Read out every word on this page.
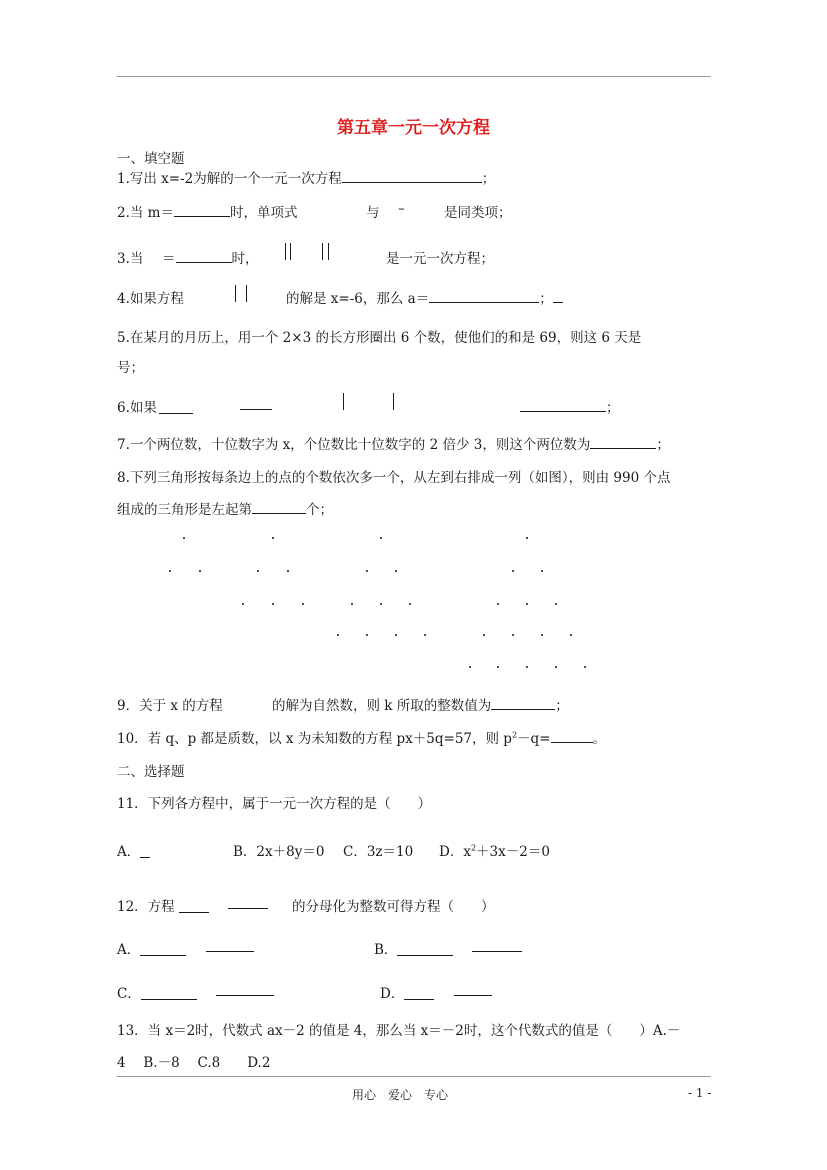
第五章一元一次方程
一、填空题
1.写出 x=-2为解的一个一元一次方程	；
2.当 m＝	时，单项式	与 –	是同类项；
3.当 ＝	时，	是一元一次方程；
4.如果方程	的解是 x=-6，那么 a＝	；
5.在某月的月历上，用一个 2×3 的长方形圈出 6 个数，使他们的和是 69，则这 6 天是
号；
6.如果	；
7.一个两位数，十位数字为 x，个位数比十位数字的 2 倍少 3，则这个两位数为	；
8.下列三角形按每条边上的点的个数依次多一个，从左到右排成一列（如图），则由 990 个点
组成的三角形是左起第	个；
9．关于 x 的方程	的解为自然数，则 k 所取的整数值为	；
10．若 q、p 都是质数，以 x 为未知数的方程 px＋5q=57，则 $p^2-q=$	。
二、选择题
11．下列各方程中，属于一元一次方程的是（　　）
A．	B．2x＋8y＝0 C．3z＝10 D．$x^2+3x-2=0$
12．方程	的分母化为整数可得方程（　　）
A．	B．
C．	D．
13．当 x＝2时，代数式 ax－2 的值是 4，那么当 x＝－2时，这个代数式的值是（　　）A.－
4　 B.－8　 C.8　　D.2
用心　爱心　专心	- 1 -
